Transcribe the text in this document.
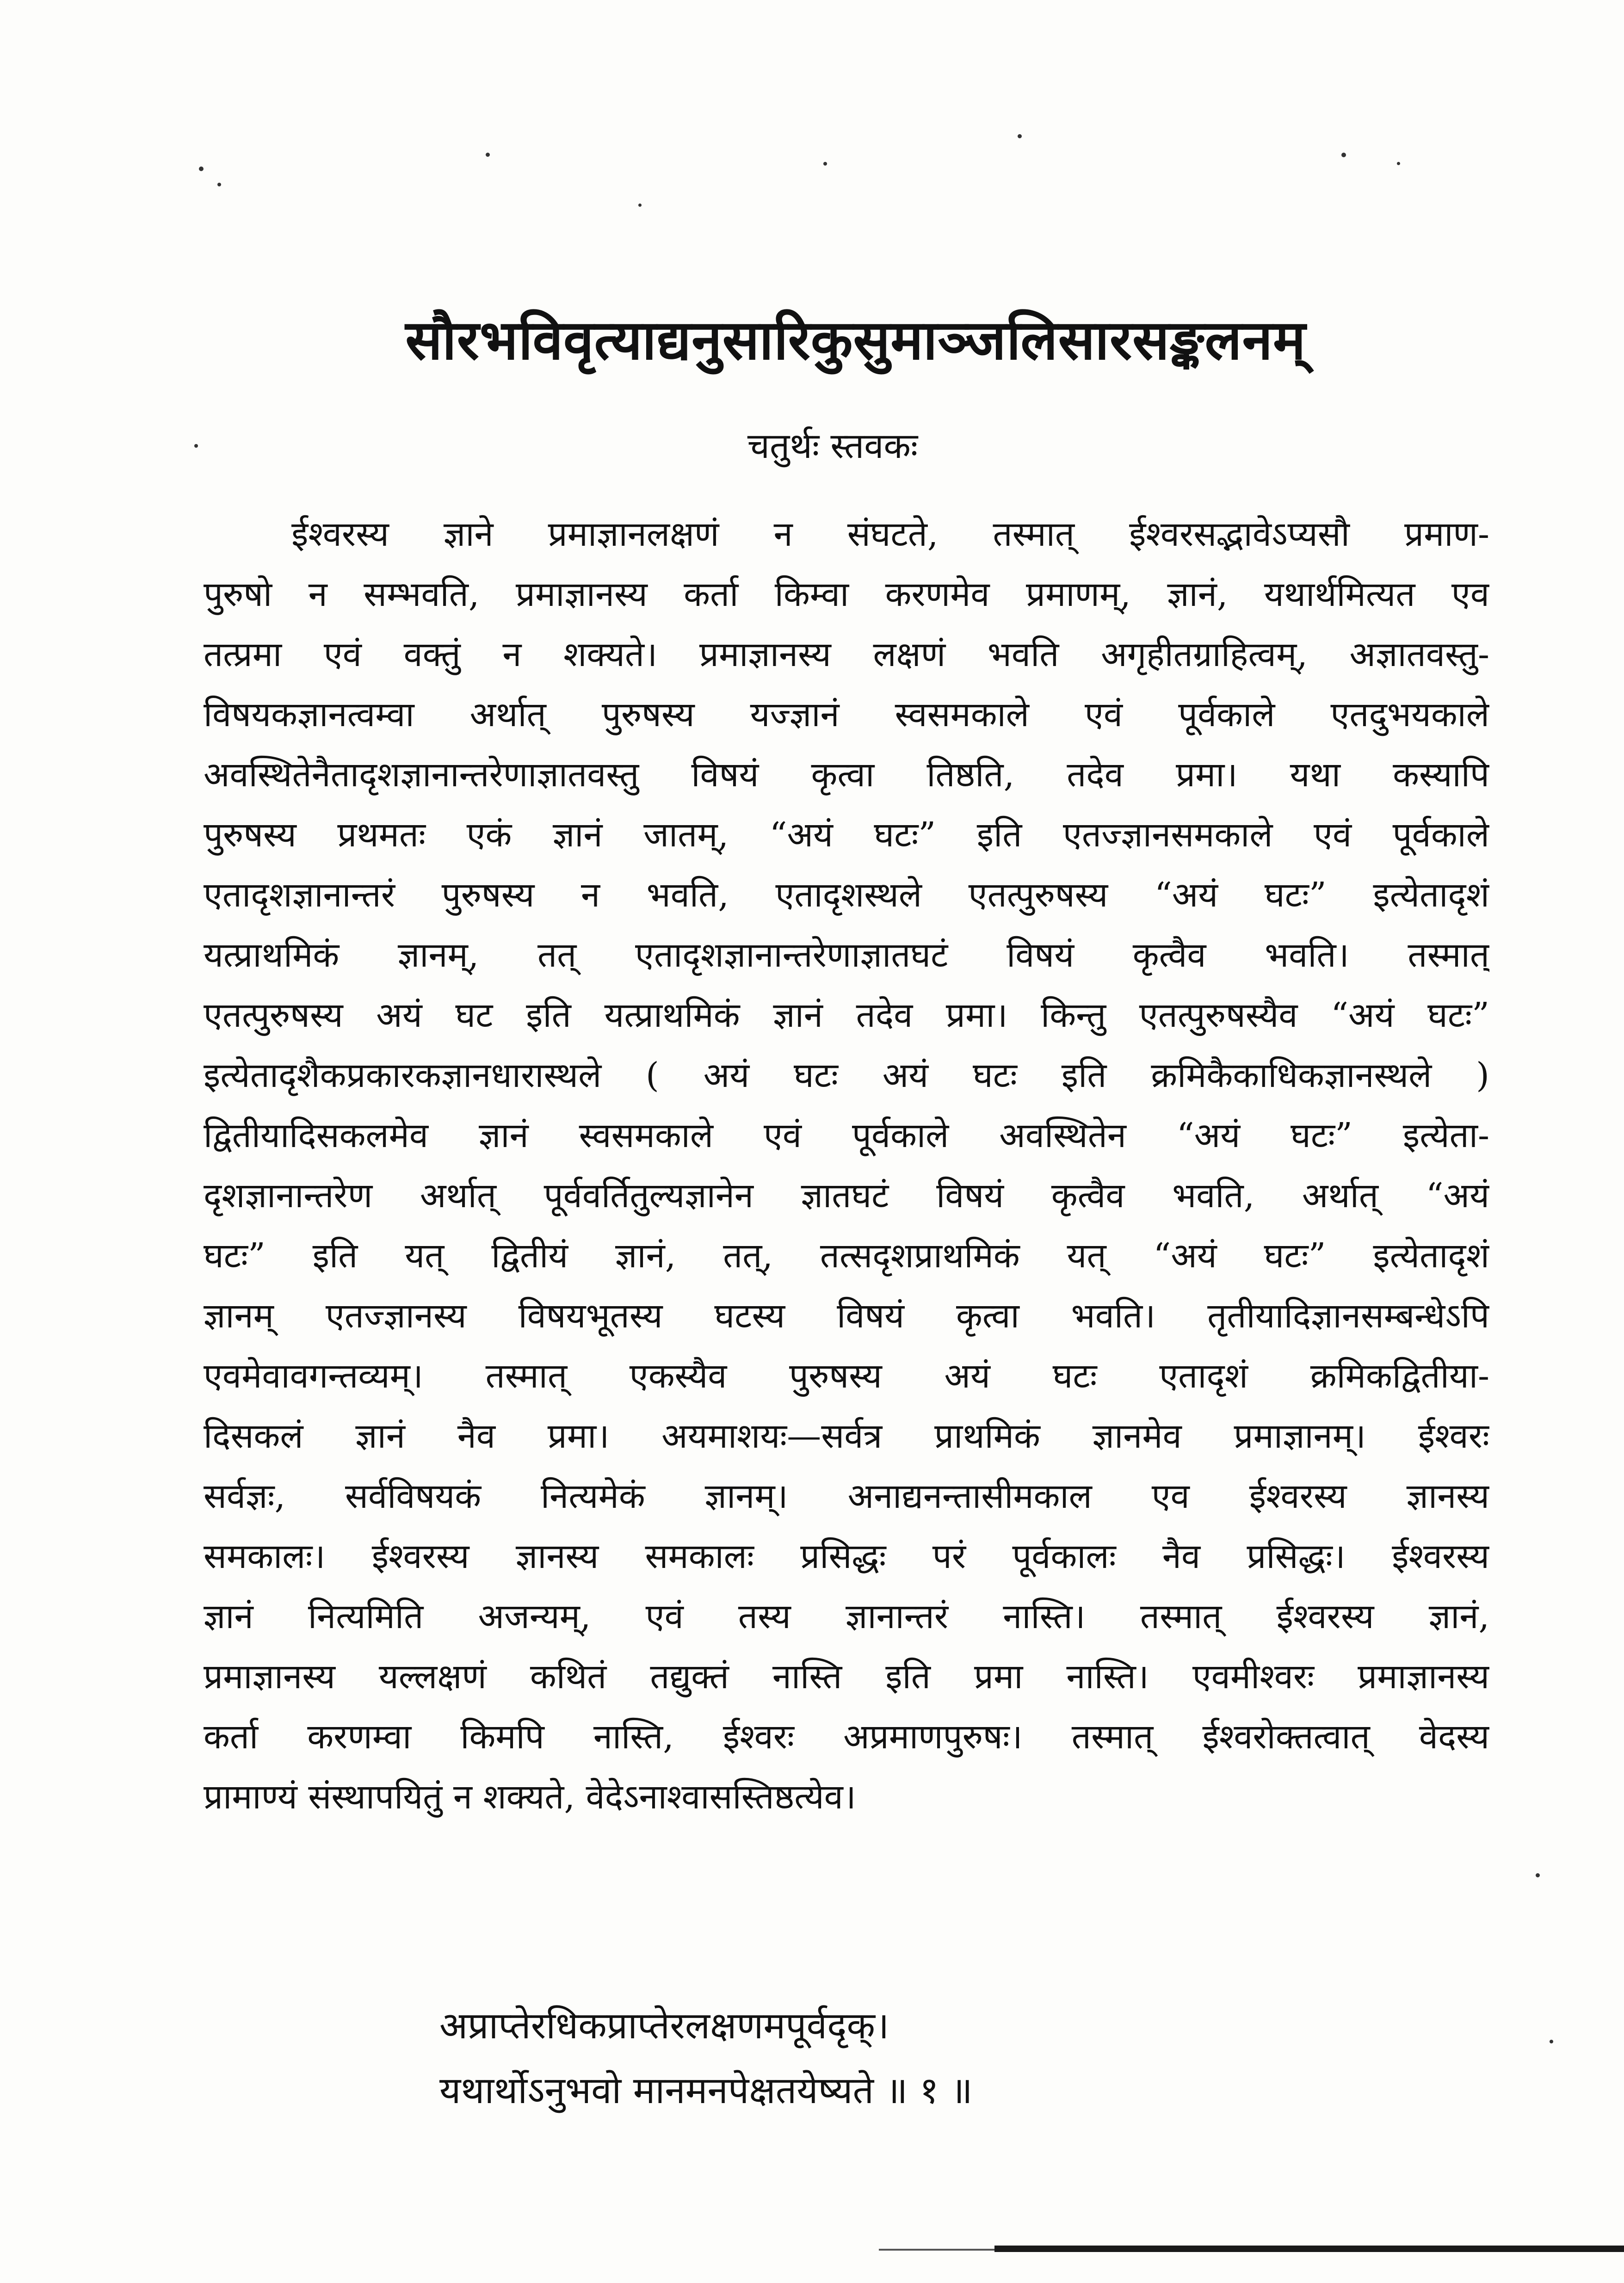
सौरभविवृत्याद्यनुसारिकुसुमाञ्जलिसारसङ्कलनम्
चतुर्थः स्तवकः
ईश्वरस्य ज्ञाने प्रमाज्ञानलक्षणं न संघटते, तस्मात् ईश्वरसद्भावेऽप्यसौ प्रमाण-
पुरुषो न सम्भवति, प्रमाज्ञानस्य कर्ता किम्वा करणमेव प्रमाणम्, ज्ञानं, यथार्थमित्यत एव
तत्प्रमा एवं वक्तुं न शक्यते। प्रमाज्ञानस्य लक्षणं भवति अगृहीतग्राहित्वम्, अज्ञातवस्तु-
विषयकज्ञानत्वम्वा अर्थात् पुरुषस्य यज्ज्ञानं स्वसमकाले एवं पूर्वकाले एतदुभयकाले
अवस्थितेनैतादृशज्ञानान्तरेणाज्ञातवस्तु विषयं कृत्वा तिष्ठति, तदेव प्रमा। यथा कस्यापि
पुरुषस्य प्रथमतः एकं ज्ञानं जातम्, “अयं घटः” इति एतज्ज्ञानसमकाले एवं पूर्वकाले
एतादृशज्ञानान्तरं पुरुषस्य न भवति, एतादृशस्थले एतत्पुरुषस्य “अयं घटः” इत्येतादृशं
यत्प्राथमिकं ज्ञानम्, तत् एतादृशज्ञानान्तरेणाज्ञातघटं विषयं कृत्वैव भवति। तस्मात्
एतत्पुरुषस्य अयं घट इति यत्प्राथमिकं ज्ञानं तदेव प्रमा। किन्तु एतत्पुरुषस्यैव “अयं घटः”
इत्येतादृशैकप्रकारकज्ञानधारास्थले ( अयं घटः अयं घटः इति क्रमिकैकाधिकज्ञानस्थले )
द्वितीयादिसकलमेव ज्ञानं स्वसमकाले एवं पूर्वकाले अवस्थितेन “अयं घटः” इत्येता-
दृशज्ञानान्तरेण अर्थात् पूर्ववर्तितुल्यज्ञानेन ज्ञातघटं विषयं कृत्वैव भवति, अर्थात् “अयं
घटः” इति यत् द्वितीयं ज्ञानं, तत्, तत्सदृशप्राथमिकं यत् “अयं घटः” इत्येतादृशं
ज्ञानम् एतज्ज्ञानस्य विषयभूतस्य घटस्य विषयं कृत्वा भवति। तृतीयादिज्ञानसम्बन्धेऽपि
एवमेवावगन्तव्यम्। तस्मात् एकस्यैव पुरुषस्य अयं घटः एतादृशं क्रमिकद्वितीया-
दिसकलं ज्ञानं नैव प्रमा। अयमाशयः—सर्वत्र प्राथमिकं ज्ञानमेव प्रमाज्ञानम्। ईश्वरः
सर्वज्ञः, सर्वविषयकं नित्यमेकं ज्ञानम्। अनाद्यनन्तासीमकाल एव ईश्वरस्य ज्ञानस्य
समकालः। ईश्वरस्य ज्ञानस्य समकालः प्रसिद्धः परं पूर्वकालः नैव प्रसिद्धः। ईश्वरस्य
ज्ञानं नित्यमिति अजन्यम्, एवं तस्य ज्ञानान्तरं नास्ति। तस्मात् ईश्वरस्य ज्ञानं,
प्रमाज्ञानस्य यल्लक्षणं कथितं तद्युक्तं नास्ति इति प्रमा नास्ति। एवमीश्वरः प्रमाज्ञानस्य
कर्ता करणम्वा किमपि नास्ति, ईश्वरः अप्रमाणपुरुषः। तस्मात् ईश्वरोक्तत्वात् वेदस्य
प्रामाण्यं संस्थापयितुं न शक्यते, वेदेऽनाश्वासस्तिष्ठत्येव।
अप्राप्तेरधिकप्राप्तेरलक्षणमपूर्वदृक्।
यथार्थोऽनुभवो मानमनपेक्षतयेष्यते ॥ १ ॥
